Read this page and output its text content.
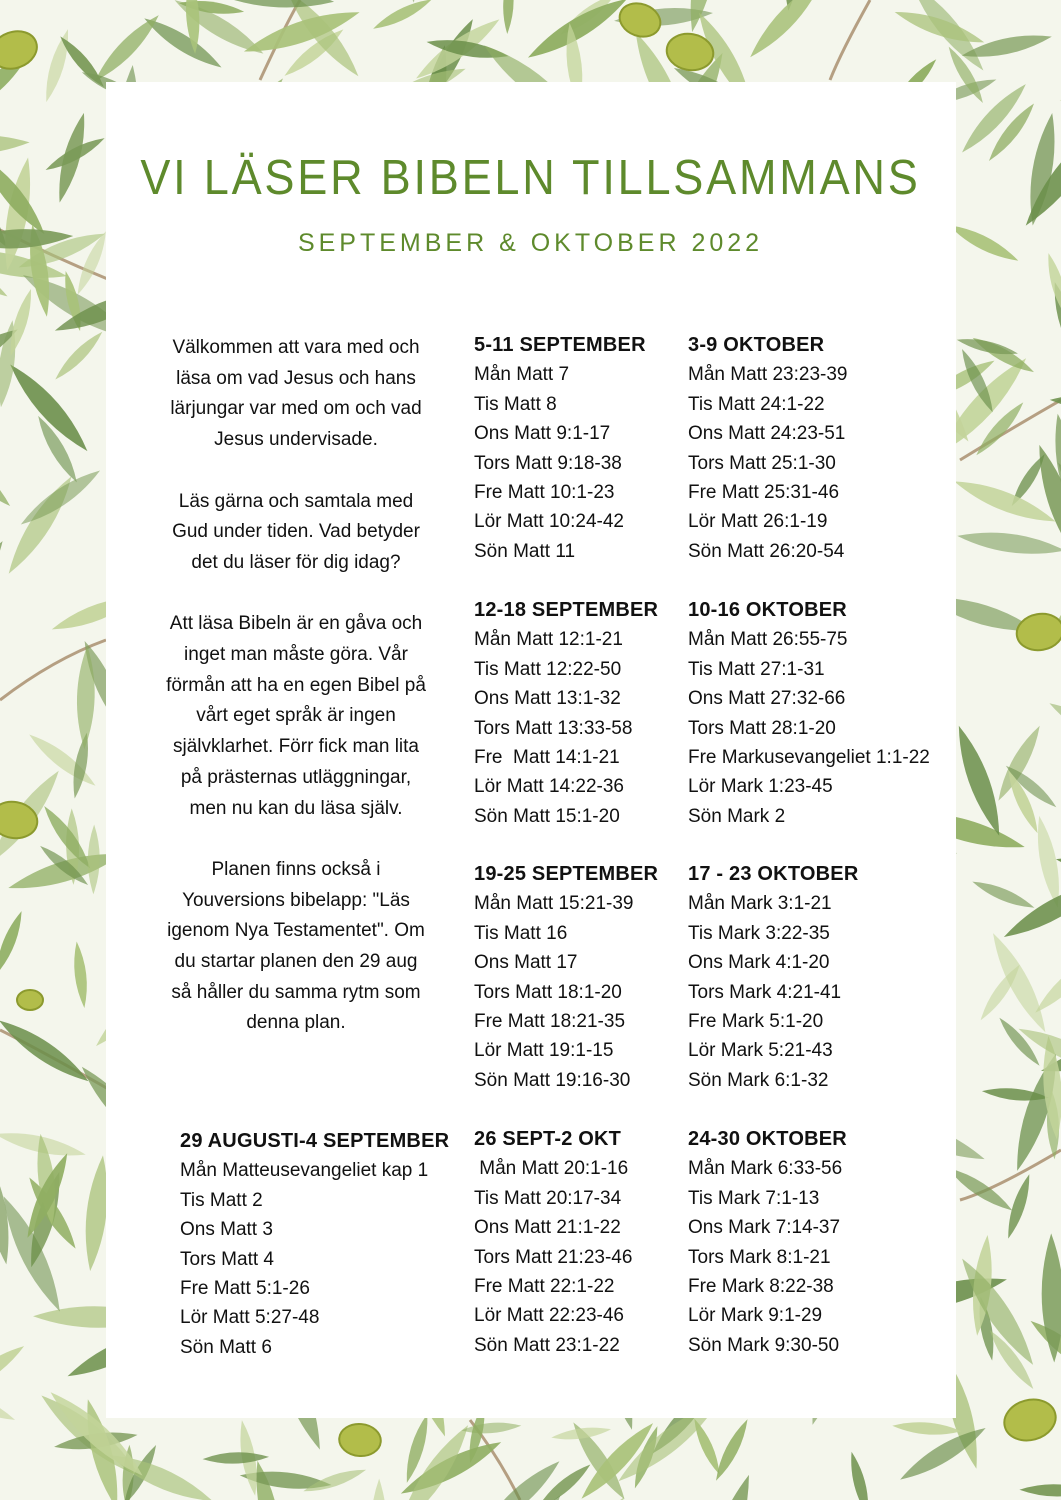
VI LÄSER BIBELN TILLSAMMANS
SEPTEMBER & OKTOBER 2022

Välkommen att vara med och läsa om vad Jesus och hans lärjungar var med om och vad Jesus undervisade.

Läs gärna och samtala med Gud under tiden. Vad betyder det du läser för dig idag?

Att läsa Bibeln är en gåva och inget man måste göra. Vår förmån att ha en egen Bibel på vårt eget språk är ingen självklarhet. Förr fick man lita på prästernas utläggningar, men nu kan du läsa själv.

Planen finns också i Youversions bibelapp: "Läs igenom Nya Testamentet". Om du startar planen den 29 aug så håller du samma rytm som denna plan.

29 AUGUSTI-4 SEPTEMBER
Mån Matteusevangeliet kap 1
Tis Matt 2
Ons Matt 3
Tors Matt 4
Fre Matt 5:1-26
Lör Matt 5:27-48
Sön Matt 6
5-11 SEPTEMBER
Mån Matt 7
Tis Matt 8
Ons Matt 9:1-17
Tors Matt 9:18-38
Fre Matt 10:1-23
Lör Matt 10:24-42
Sön Matt 11
12-18 SEPTEMBER
Mån Matt 12:1-21
Tis Matt 12:22-50
Ons Matt 13:1-32
Tors Matt 13:33-58
Fre  Matt 14:1-21
Lör Matt 14:22-36
Sön Matt 15:1-20
19-25 SEPTEMBER
Mån Matt 15:21-39
Tis Matt 16
Ons Matt 17
Tors Matt 18:1-20
Fre Matt 18:21-35
Lör Matt 19:1-15
Sön Matt 19:16-30
26 SEPT-2 OKT
Mån Matt 20:1-16
Tis Matt 20:17-34
Ons Matt 21:1-22
Tors Matt 21:23-46
Fre Matt 22:1-22
Lör Matt 22:23-46
Sön Matt 23:1-22
3-9 OKTOBER
Mån Matt 23:23-39
Tis Matt 24:1-22
Ons Matt 24:23-51
Tors Matt 25:1-30
Fre Matt 25:31-46
Lör Matt 26:1-19
Sön Matt 26:20-54
10-16 OKTOBER
Mån Matt 26:55-75
Tis Matt 27:1-31
Ons Matt 27:32-66
Tors Matt 28:1-20
Fre Markusevangeliet 1:1-22
Lör Mark 1:23-45
Sön Mark 2
17 - 23 OKTOBER
Mån Mark 3:1-21
Tis Mark 3:22-35
Ons Mark 4:1-20
Tors Mark 4:21-41
Fre Mark 5:1-20
Lör Mark 5:21-43
Sön Mark 6:1-32
24-30 OKTOBER
Mån Mark 6:33-56
Tis Mark 7:1-13
Ons Mark 7:14-37
Tors Mark 8:1-21
Fre Mark 8:22-38
Lör Mark 9:1-29
Sön Mark 9:30-50
